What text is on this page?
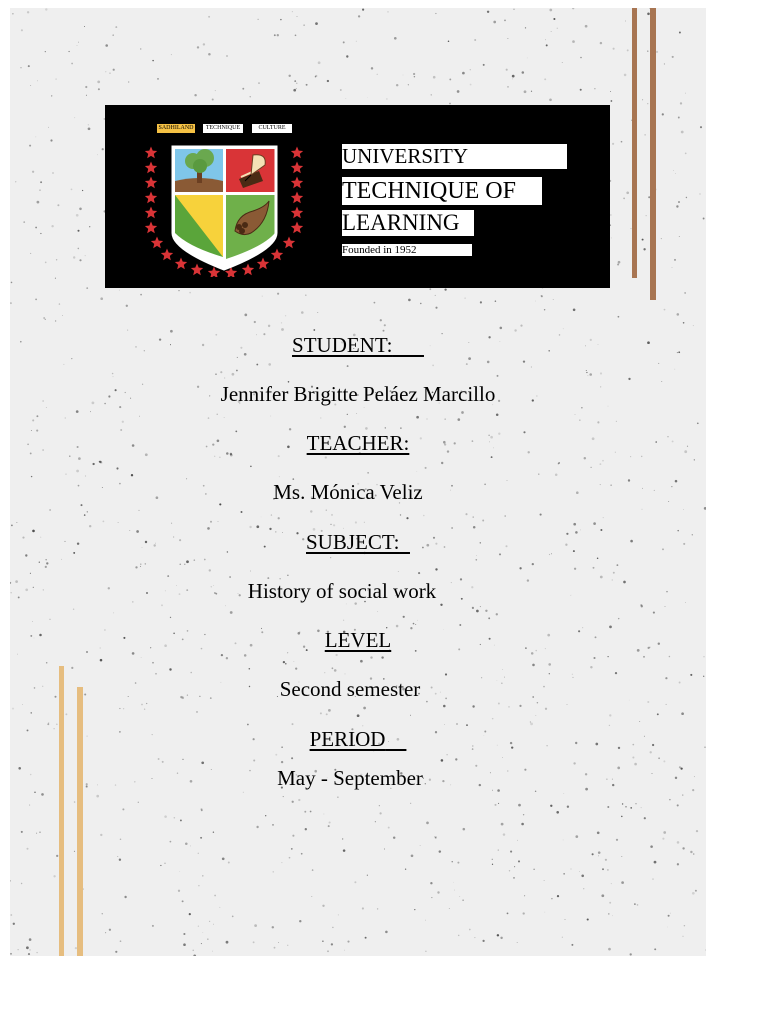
SADHILAND	TECHNIQUE	CULTURE
UNIVERSITY
TECHNIQUE OF
LEARNING
Founded in 1952
STUDENT:   
Jennifer Brigitte Peláez Marcillo
TEACHER:
Ms. Mónica Veliz
SUBJECT: 
History of social work
LEVEL
Second semester
PERIOD  
May - September
